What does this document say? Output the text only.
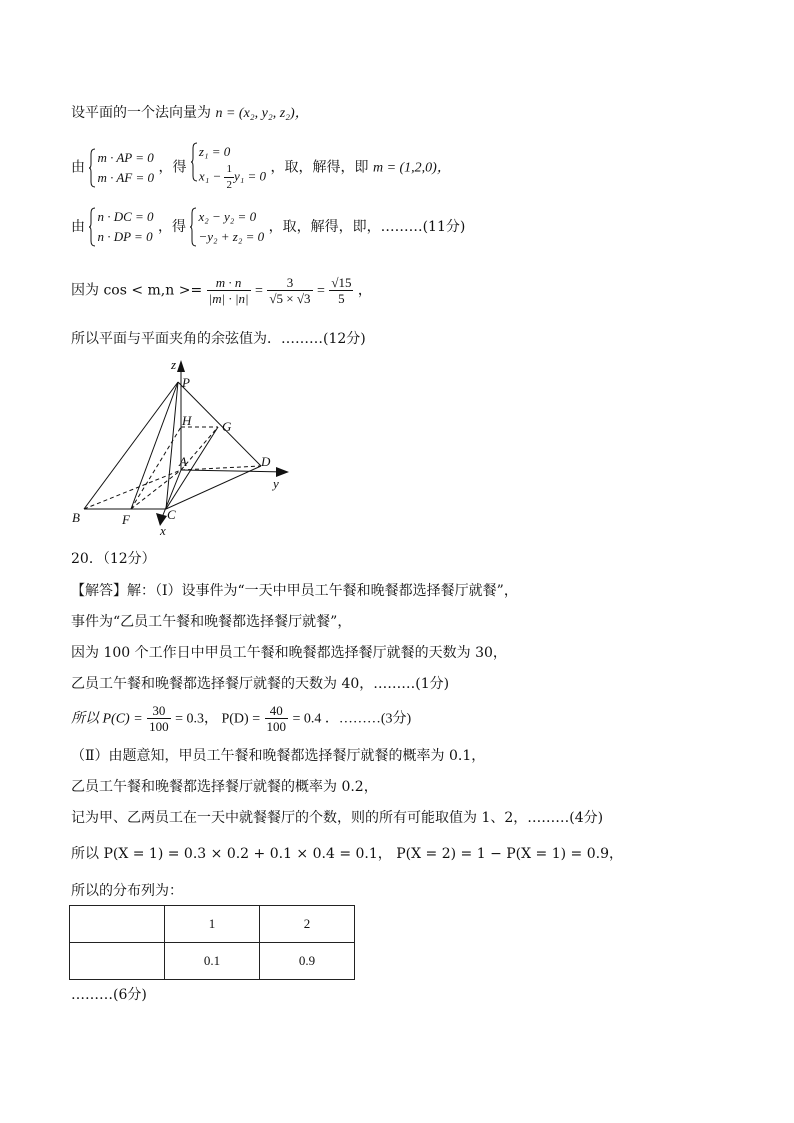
设平面的一个法向量为 n = (x₂, y₂, z₂)，
由
m · AP = 0
m · AF = 0
，得
z₁ = 0
$x_1 - \frac{1}{2} y_1 = 0$
，取，解得，即 m = (1,2,0)，
由
n · DC = 0
n · DP = 0
，得
x₂ − y₂ = 0
−y₂ + z₂ = 0
，取，解得，即，………(11分)
因为 $\cos < m,n >= \frac{m \cdot n}{|m| \cdot |n|} = \frac{3}{√5 \times √3} = \frac{√15}{5}$ ，
所以平面与平面夹角的余弦值为．………(12分)
z
P
H G
A	D
y
B	F	C
x
20．（12分）
【解答】解：（Ⅰ）设事件为“一天中甲员工午餐和晚餐都选择餐厅就餐”，
事件为“乙员工午餐和晚餐都选择餐厅就餐”，
因为 100 个工作日中甲员工午餐和晚餐都选择餐厅就餐的天数为 30，
乙员工午餐和晚餐都选择餐厅就餐的天数为 40，………(1分)
所以 $P(C) = \frac{30}{100} = 0.3$， $P(D) = \frac{40}{100} = 0.4$ ．………(3分)
（Ⅱ）由题意知，甲员工午餐和晚餐都选择餐厅就餐的概率为 0.1，
乙员工午餐和晚餐都选择餐厅就餐的概率为 0.2，
记为甲、乙两员工在一天中就餐餐厅的个数，则的所有可能取值为 1、2，………(4分)
所以 P(X = 1) = 0.3 × 0.2 + 0.1 × 0.4 = 0.1， P(X = 2) = 1 − P(X = 1) = 0.9，
所以的分布列为：
	1	2
	0.1	0.9
………(6分)
